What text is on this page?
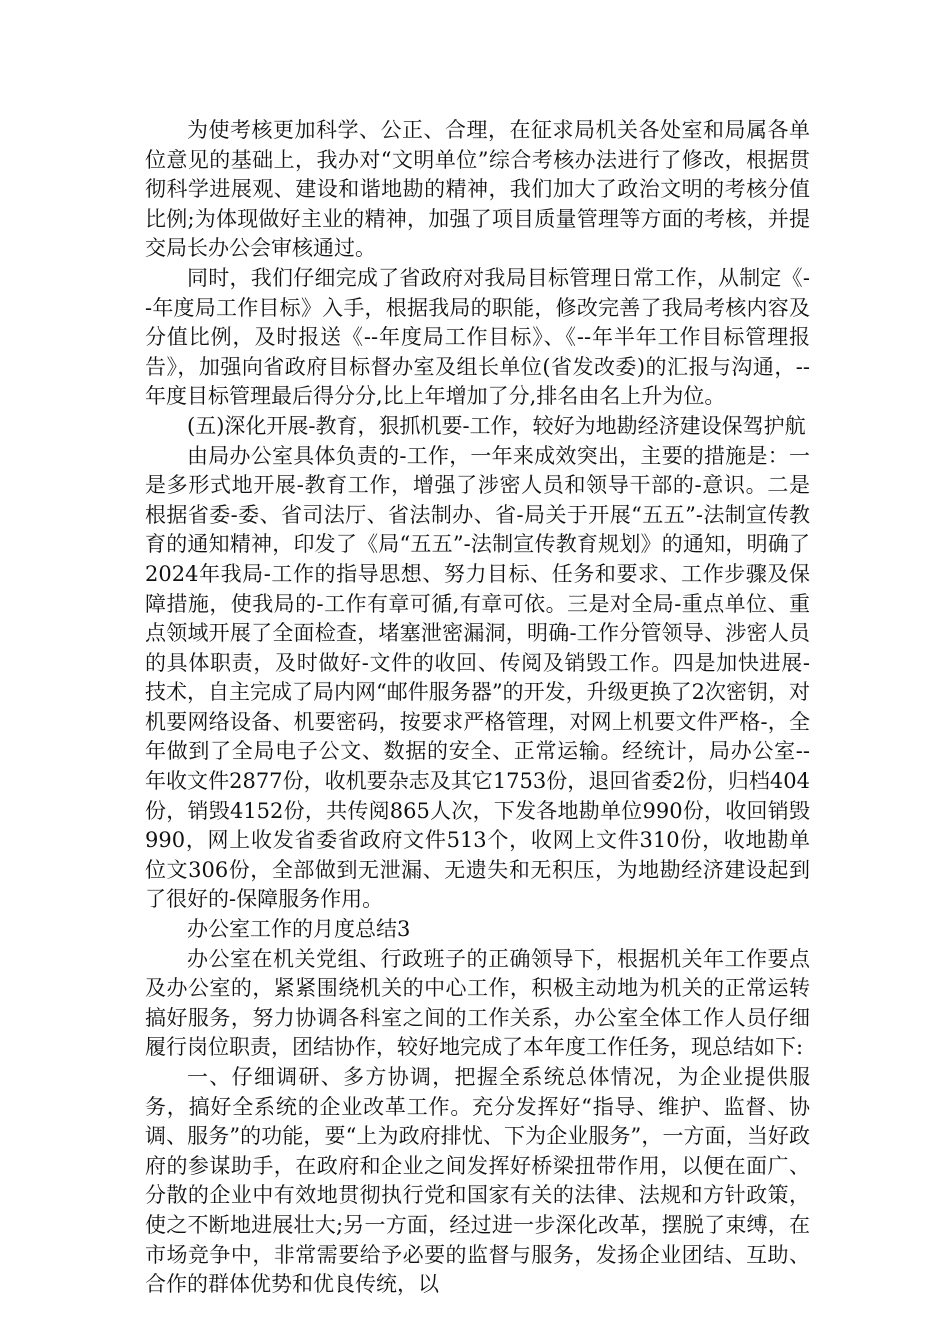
为使考核更加科学、公正、合理，在征求局机关各处室和局属各单位意见的基础上，我办对“文明单位”综合考核办法进行了修改，根据贯彻科学进展观、建设和谐地勘的精神，我们加大了政治文明的考核分值比例;为体现做好主业的精神，加强了项目质量管理等方面的考核，并提交局长办公会审核通过。

同时，我们仔细完成了省政府对我局目标管理日常工作，从制定《--年度局工作目标》入手，根据我局的职能，修改完善了我局考核内容及分值比例，及时报送《--年度局工作目标》、《--年半年工作目标管理报告》，加强向省政府目标督办室及组长单位(省发改委)的汇报与沟通，--年度目标管理最后得分分,比上年增加了分,排名由名上升为位。

(五)深化开展-教育，狠抓机要-工作，较好为地勘经济建设保驾护航

由局办公室具体负责的-工作，一年来成效突出，主要的措施是：一是多形式地开展-教育工作，增强了涉密人员和领导干部的-意识。二是根据省委-委、省司法厅、省法制办、省-局关于开展“五五”-法制宣传教育的通知精神，印发了《局“五五”-法制宣传教育规划》的通知，明确了2024年我局-工作的指导思想、努力目标、任务和要求、工作步骤及保障措施，使我局的-工作有章可循,有章可依。三是对全局-重点单位、重点领域开展了全面检查，堵塞泄密漏洞，明确-工作分管领导、涉密人员的具体职责，及时做好-文件的收回、传阅及销毁工作。四是加快进展-技术，自主完成了局内网“邮件服务器”的开发，升级更换了2次密钥，对机要网络设备、机要密码，按要求严格管理，对网上机要文件严格-，全年做到了全局电子公文、数据的安全、正常运输。经统计，局办公室--年收文件2877份，收机要杂志及其它1753份，退回省委2份，归档404份，销毁4152份，共传阅865人次，下发各地勘单位990份，收回销毁990，网上收发省委省政府文件513个，收网上文件310份，收地勘单位文306份，全部做到无泄漏、无遗失和无积压，为地勘经济建设起到了很好的-保障服务作用。

办公室工作的月度总结3

办公室在机关党组、行政班子的正确领导下，根据机关年工作要点及办公室的，紧紧围绕机关的中心工作，积极主动地为机关的正常运转搞好服务，努力协调各科室之间的工作关系，办公室全体工作人员仔细履行岗位职责，团结协作，较好地完成了本年度工作任务，现总结如下:

一、仔细调研、多方协调，把握全系统总体情况，为企业提供服务，搞好全系统的企业改革工作。充分发挥好“指导、维护、监督、协调、服务”的功能，要“上为政府排忧、下为企业服务”，一方面，当好政府的参谋助手，在政府和企业之间发挥好桥梁扭带作用，以便在面广、分散的企业中有效地贯彻执行党和国家有关的法律、法规和方针政策，使之不断地进展壮大;另一方面，经过进一步深化改革，摆脱了束缚，在市场竞争中，非常需要给予必要的监督与服务，发扬企业团结、互助、合作的群体优势和优良传统，以
